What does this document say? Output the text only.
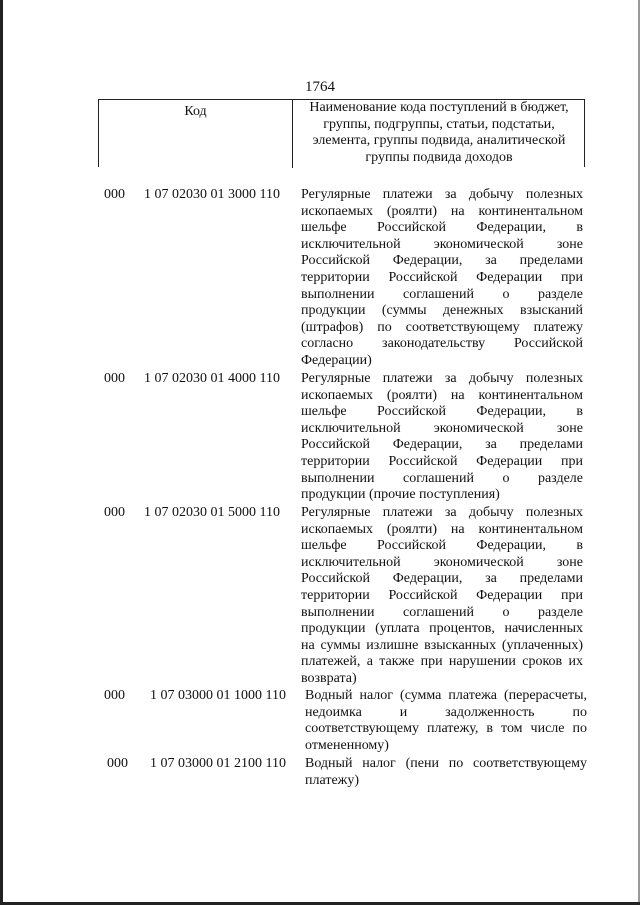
1764
Код	Наименование кода поступлений в бюджет,
группы, подгруппы, статьи, подстатьи,
элемента, группы подвида, аналитической
группы подвида доходов
000	1 07 02030 01 3000 110	Регулярные платежи за добычу полезных
ископаемых (роялти) на континентальном
шельфе Российской Федерации, в
исключительной экономической зоне
Российской Федерации, за пределами
территории Российской Федерации при
выполнении соглашений о разделе
продукции (суммы денежных взысканий
(штрафов) по соответствующему платежу
согласно законодательству Российской
Федерации)
000	1 07 02030 01 4000 110	Регулярные платежи за добычу полезных
ископаемых (роялти) на континентальном
шельфе Российской Федерации, в
исключительной экономической зоне
Российской Федерации, за пределами
территории Российской Федерации при
выполнении соглашений о разделе
продукции (прочие поступления)
000	1 07 02030 01 5000 110	Регулярные платежи за добычу полезных
ископаемых (роялти) на континентальном
шельфе Российской Федерации, в
исключительной экономической зоне
Российской Федерации, за пределами
территории Российской Федерации при
выполнении соглашений о разделе
продукции (уплата процентов, начисленных
на суммы излишне взысканных (уплаченных)
платежей, а также при нарушении сроков их
возврата)
000	1 07 03000 01 1000 110	Водный налог (сумма платежа (перерасчеты,
недоимка и задолженность по
соответствующему платежу, в том числе по
отмененному)
000	1 07 03000 01 2100 110	Водный налог (пени по соответствующему
платежу)
